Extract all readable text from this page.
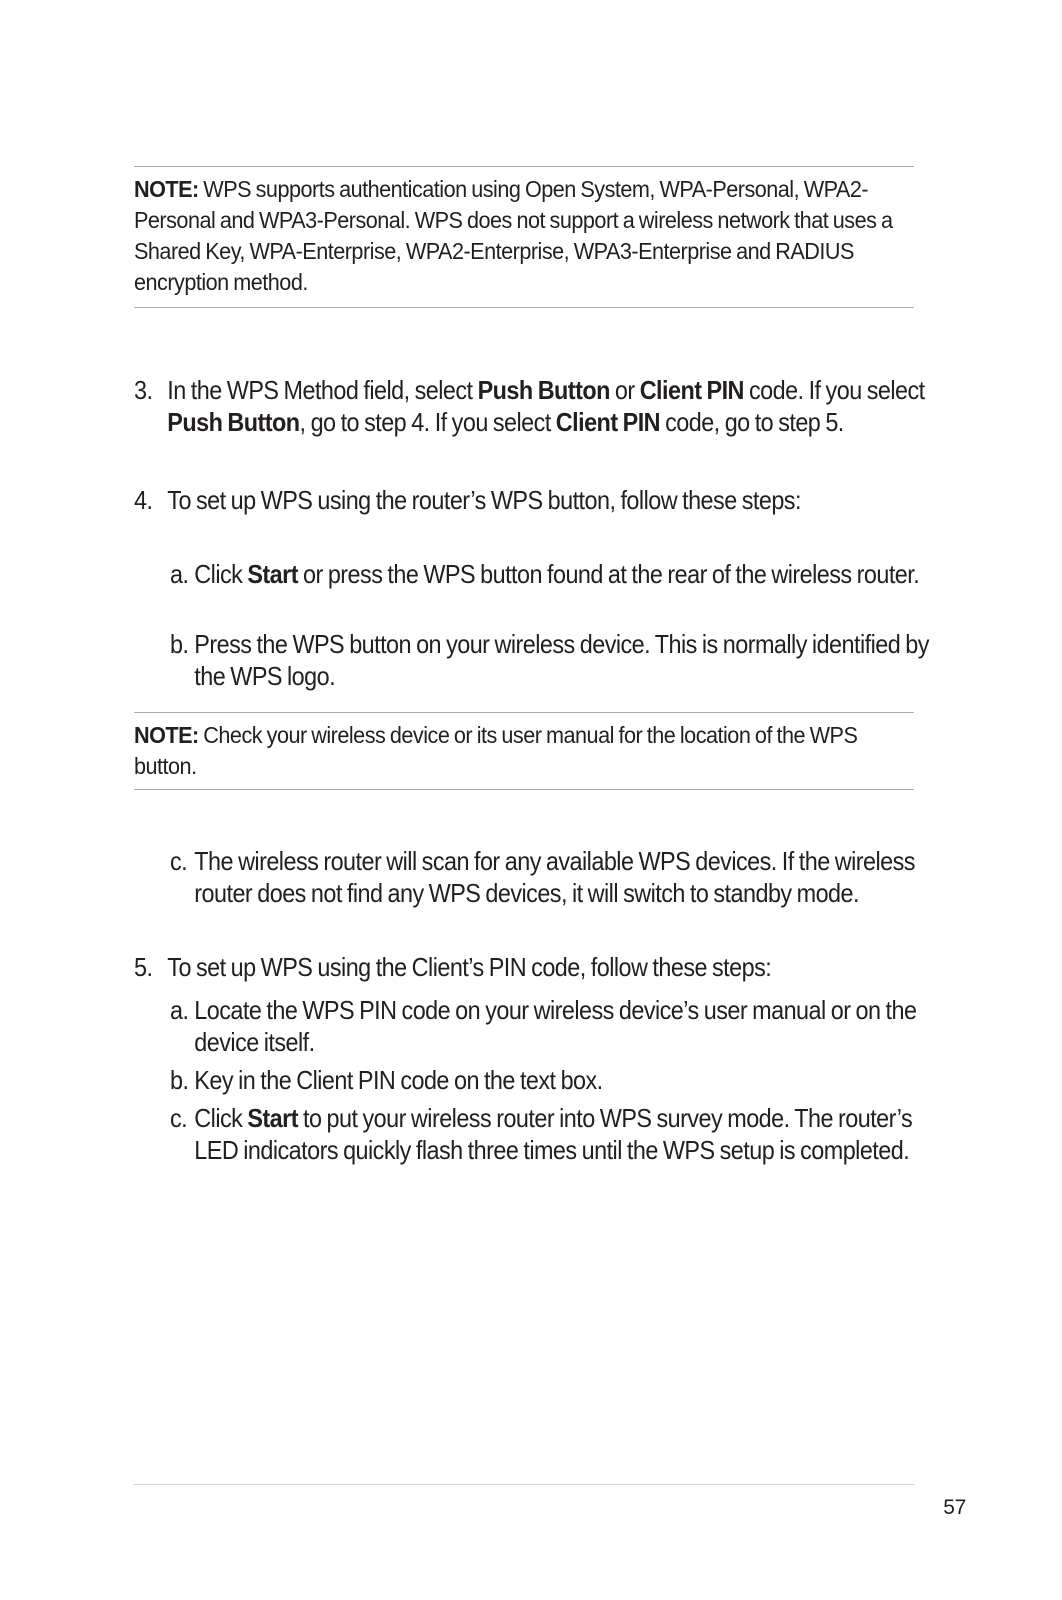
NOTE: WPS supports authentication using Open System, WPA-Personal, WPA2-Personal and WPA3-Personal. WPS does not support a wireless network that uses a Shared Key, WPA-Enterprise, WPA2-Enterprise, WPA3-Enterprise and RADIUS encryption method.
3. In the WPS Method field, select Push Button or Client PIN code. If you select Push Button, go to step 4. If you select Client PIN code, go to step 5.
4. To set up WPS using the router’s WPS button, follow these steps:
a. Click Start or press the WPS button found at the rear of the wireless router.
b. Press the WPS button on your wireless device. This is normally identified by the WPS logo.
NOTE: Check your wireless device or its user manual for the location of the WPS button.
c. The wireless router will scan for any available WPS devices. If the wireless router does not find any WPS devices, it will switch to standby mode.
5. To set up WPS using the Client’s PIN code, follow these steps:
a. Locate the WPS PIN code on your wireless device’s user manual or on the device itself.
b. Key in the Client PIN code on the text box.
c. Click Start to put your wireless router into WPS survey mode. The router’s LED indicators quickly flash three times until the WPS setup is completed.
57
